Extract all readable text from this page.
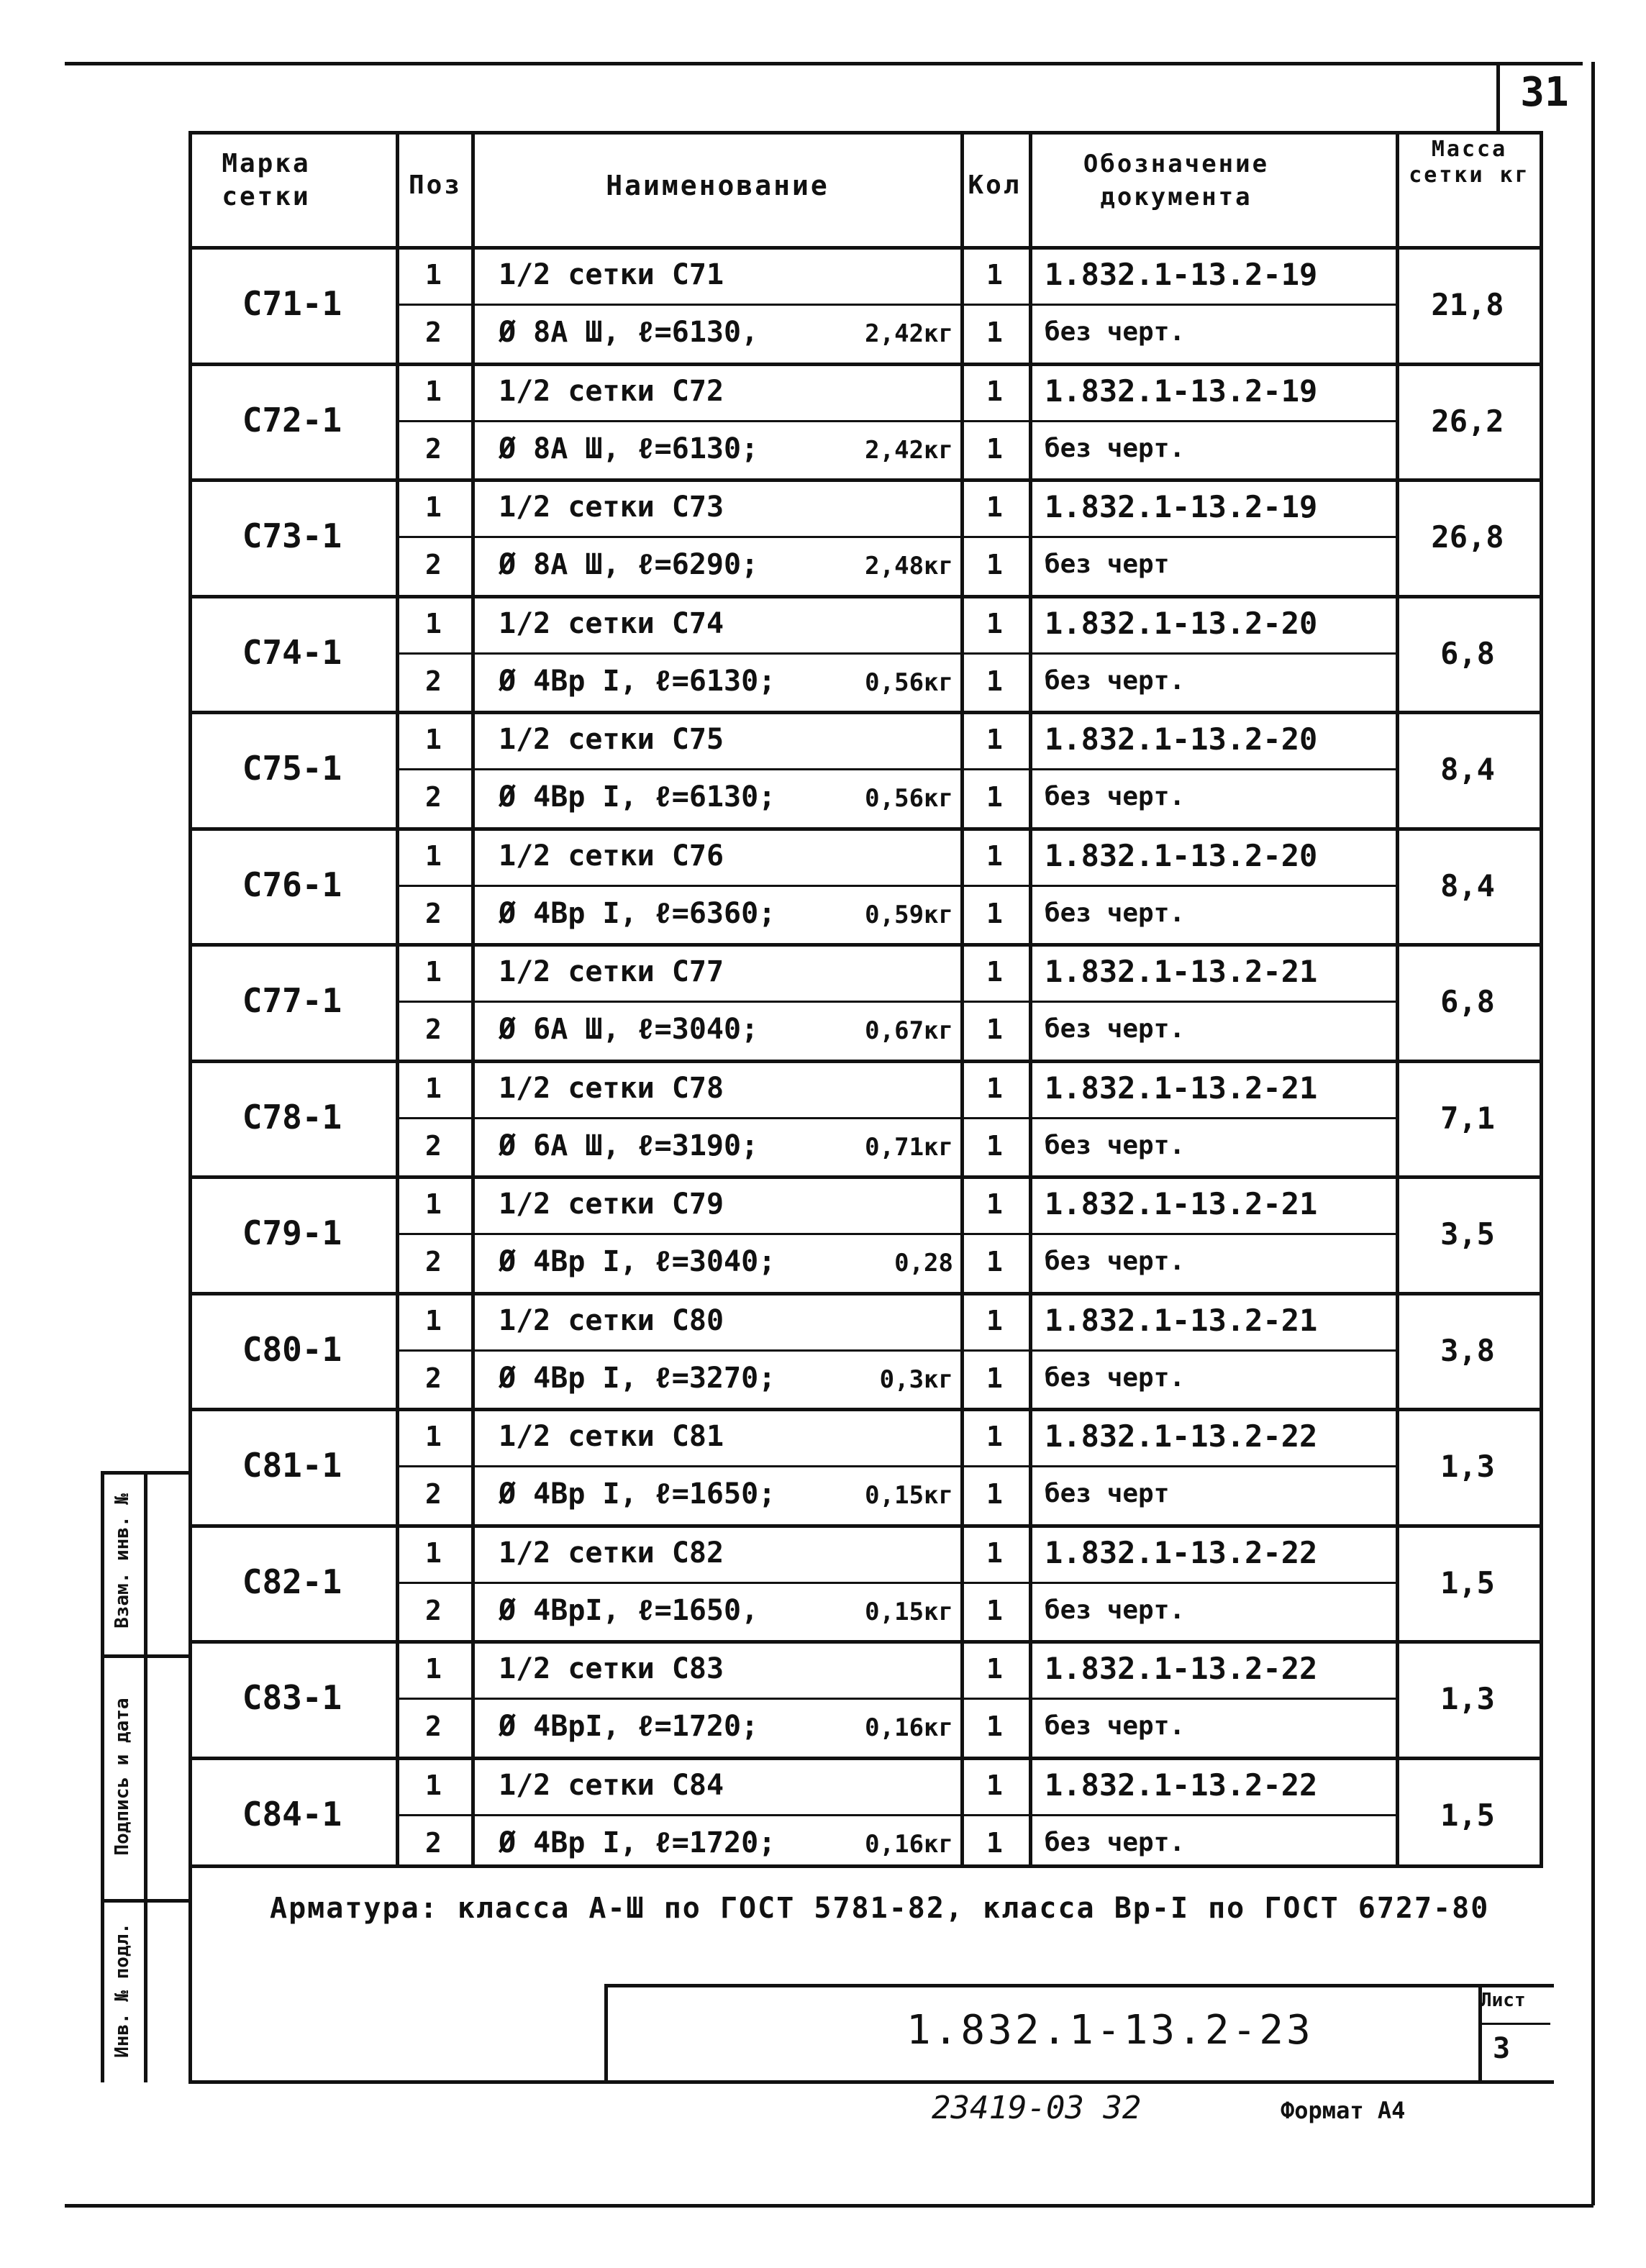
31
Марка сетки	Поз	Наименование	Кол
Обозначение документа
Масса сетки кг
Арматура: класса А-Ш по ГОСТ 5781-82, класса Вр-I по ГОСТ 6727-80
1.832.1-13.2-23
Лист
3
Взам. инв. №
Подпись и дата
Инв. № подл.
23419-03 32	Формат А4
С71-1	21,8
1	1/2 сетки С71	1	1.832.1-13.2-19
2	Ø 8А Ш, ℓ=6130,	2,42кг	1	без черт.
С72-1	26,2
1	1/2 сетки С72	1	1.832.1-13.2-19
2	Ø 8А Ш, ℓ=6130;	2,42кг	1	без черт.
С73-1	26,8
1	1/2 сетки С73	1	1.832.1-13.2-19
2	Ø 8А Ш, ℓ=6290;	2,48кг	1	без черт
С74-1	6,8
1	1/2 сетки С74	1	1.832.1-13.2-20
2	Ø 4Вр I, ℓ=6130;	0,56кг	1	без черт.
С75-1	8,4
1	1/2 сетки С75	1	1.832.1-13.2-20
2	Ø 4Вр I, ℓ=6130;	0,56кг	1	без черт.
С76-1	8,4
1	1/2 сетки С76	1	1.832.1-13.2-20
2	Ø 4Вр I, ℓ=6360;	0,59кг	1	без черт.
С77-1	6,8
1	1/2 сетки С77	1	1.832.1-13.2-21
2	Ø 6А Ш, ℓ=3040;	0,67кг	1	без черт.
С78-1	7,1
1	1/2 сетки С78	1	1.832.1-13.2-21
2	Ø 6А Ш, ℓ=3190;	0,71кг	1	без черт.
С79-1	3,5
1	1/2 сетки С79	1	1.832.1-13.2-21
2	Ø 4Вр I, ℓ=3040;	0,28	1	без черт.
С80-1	3,8
1	1/2 сетки С80	1	1.832.1-13.2-21
2	Ø 4Вр I, ℓ=3270;	0,3кг	1	без черт.
С81-1	1,3
1	1/2 сетки С81	1	1.832.1-13.2-22
2	Ø 4Вр I, ℓ=1650;	0,15кг	1	без черт
С82-1	1,5
1	1/2 сетки С82	1	1.832.1-13.2-22
2	Ø 4ВрI, ℓ=1650,	0,15кг	1	без черт.
С83-1	1,3
1	1/2 сетки С83	1	1.832.1-13.2-22
2	Ø 4ВрI, ℓ=1720;	0,16кг	1	без черт.
С84-1	1,5
1	1/2 сетки С84	1	1.832.1-13.2-22
2	Ø 4Вр I, ℓ=1720;	0,16кг	1	без черт.
